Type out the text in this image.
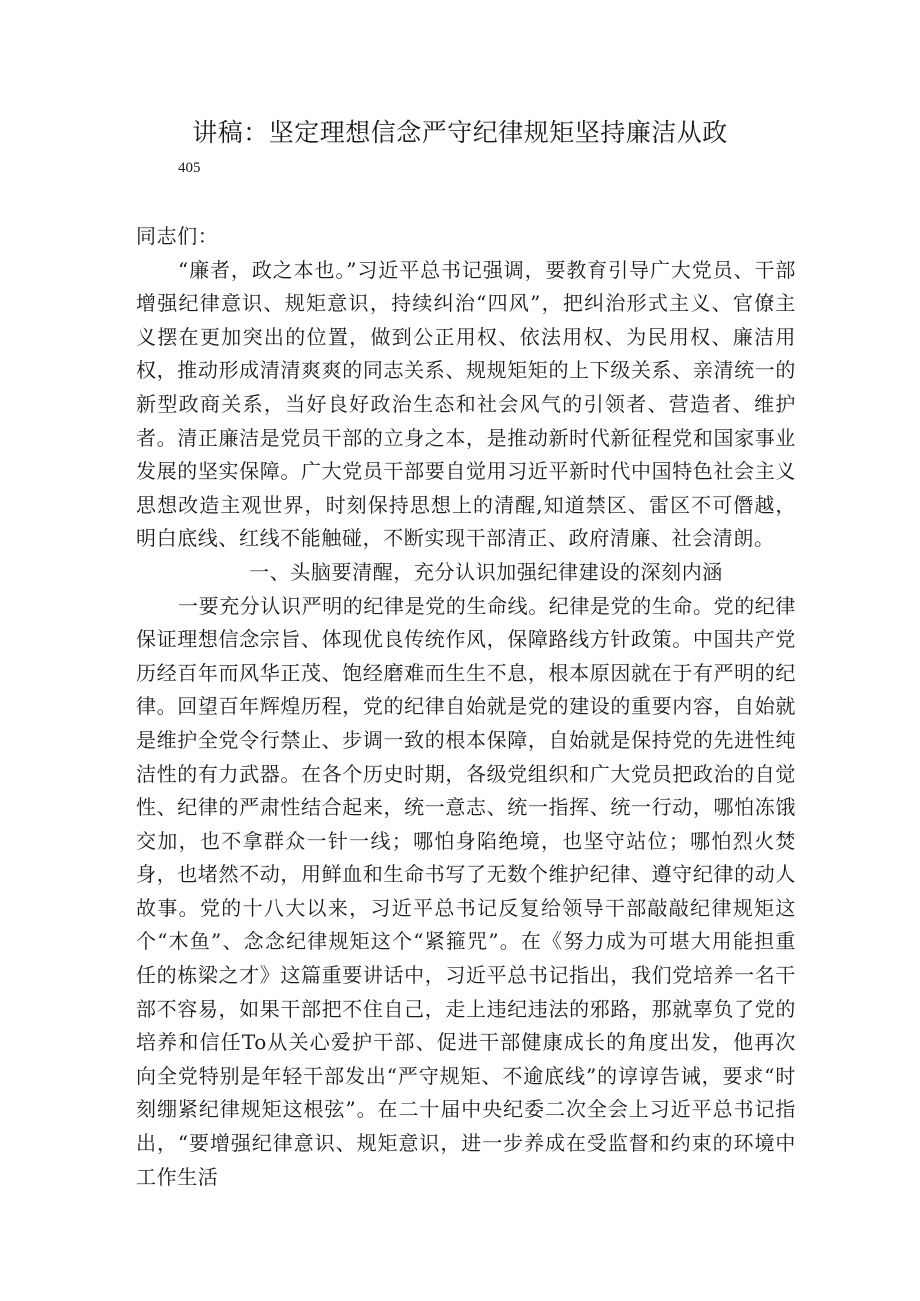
讲稿：坚定理想信念严守纪律规矩坚持廉洁从政
405

同志们：

“廉者，政之本也。”习近平总书记强调，要教育引导广大党员、干部增强纪律意识、规矩意识，持续纠治“四风”，把纠治形式主义、官僚主义摆在更加突出的位置，做到公正用权、依法用权、为民用权、廉洁用权，推动形成清清爽爽的同志关系、规规矩矩的上下级关系、亲清统一的新型政商关系，当好良好政治生态和社会风气的引领者、营造者、维护者。清正廉洁是党员干部的立身之本，是推动新时代新征程党和国家事业发展的坚实保障。广大党员干部要自觉用习近平新时代中国特色社会主义思想改造主观世界，时刻保持思想上的清醒,知道禁区、雷区不可僭越，明白底线、红线不能触碰，不断实现干部清正、政府清廉、社会清朗。

一、头脑要清醒，充分认识加强纪律建设的深刻内涵

一要充分认识严明的纪律是党的生命线。纪律是党的生命。党的纪律保证理想信念宗旨、体现优良传统作风，保障路线方针政策。中国共产党历经百年而风华正茂、饱经磨难而生生不息，根本原因就在于有严明的纪律。回望百年辉煌历程，党的纪律自始就是党的建设的重要内容，自始就是维护全党令行禁止、步调一致的根本保障，自始就是保持党的先进性纯洁性的有力武器。在各个历史时期，各级党组织和广大党员把政治的自觉性、纪律的严肃性结合起来，统一意志、统一指挥、统一行动，哪怕冻饿交加，也不拿群众一针一线；哪怕身陷绝境，也坚守站位；哪怕烈火焚身，也堵然不动，用鲜血和生命书写了无数个维护纪律、遵守纪律的动人故事。党的十八大以来，习近平总书记反复给领导干部敲敲纪律规矩这个“木鱼”、念念纪律规矩这个“紧箍咒”。在《努力成为可堪大用能担重任的栋梁之才》这篇重要讲话中，习近平总书记指出，我们党培养一名干部不容易，如果干部把不住自己，走上违纪违法的邪路，那就辜负了党的培养和信任To从关心爱护干部、促进干部健康成长的角度出发，他再次向全党特别是年轻干部发出“严守规矩、不逾底线”的谆谆告诫，要求“时刻绷紧纪律规矩这根弦”。在二十届中央纪委二次全会上习近平总书记指出，“要增强纪律意识、规矩意识，进一步养成在受监督和约束的环境中工作生活
